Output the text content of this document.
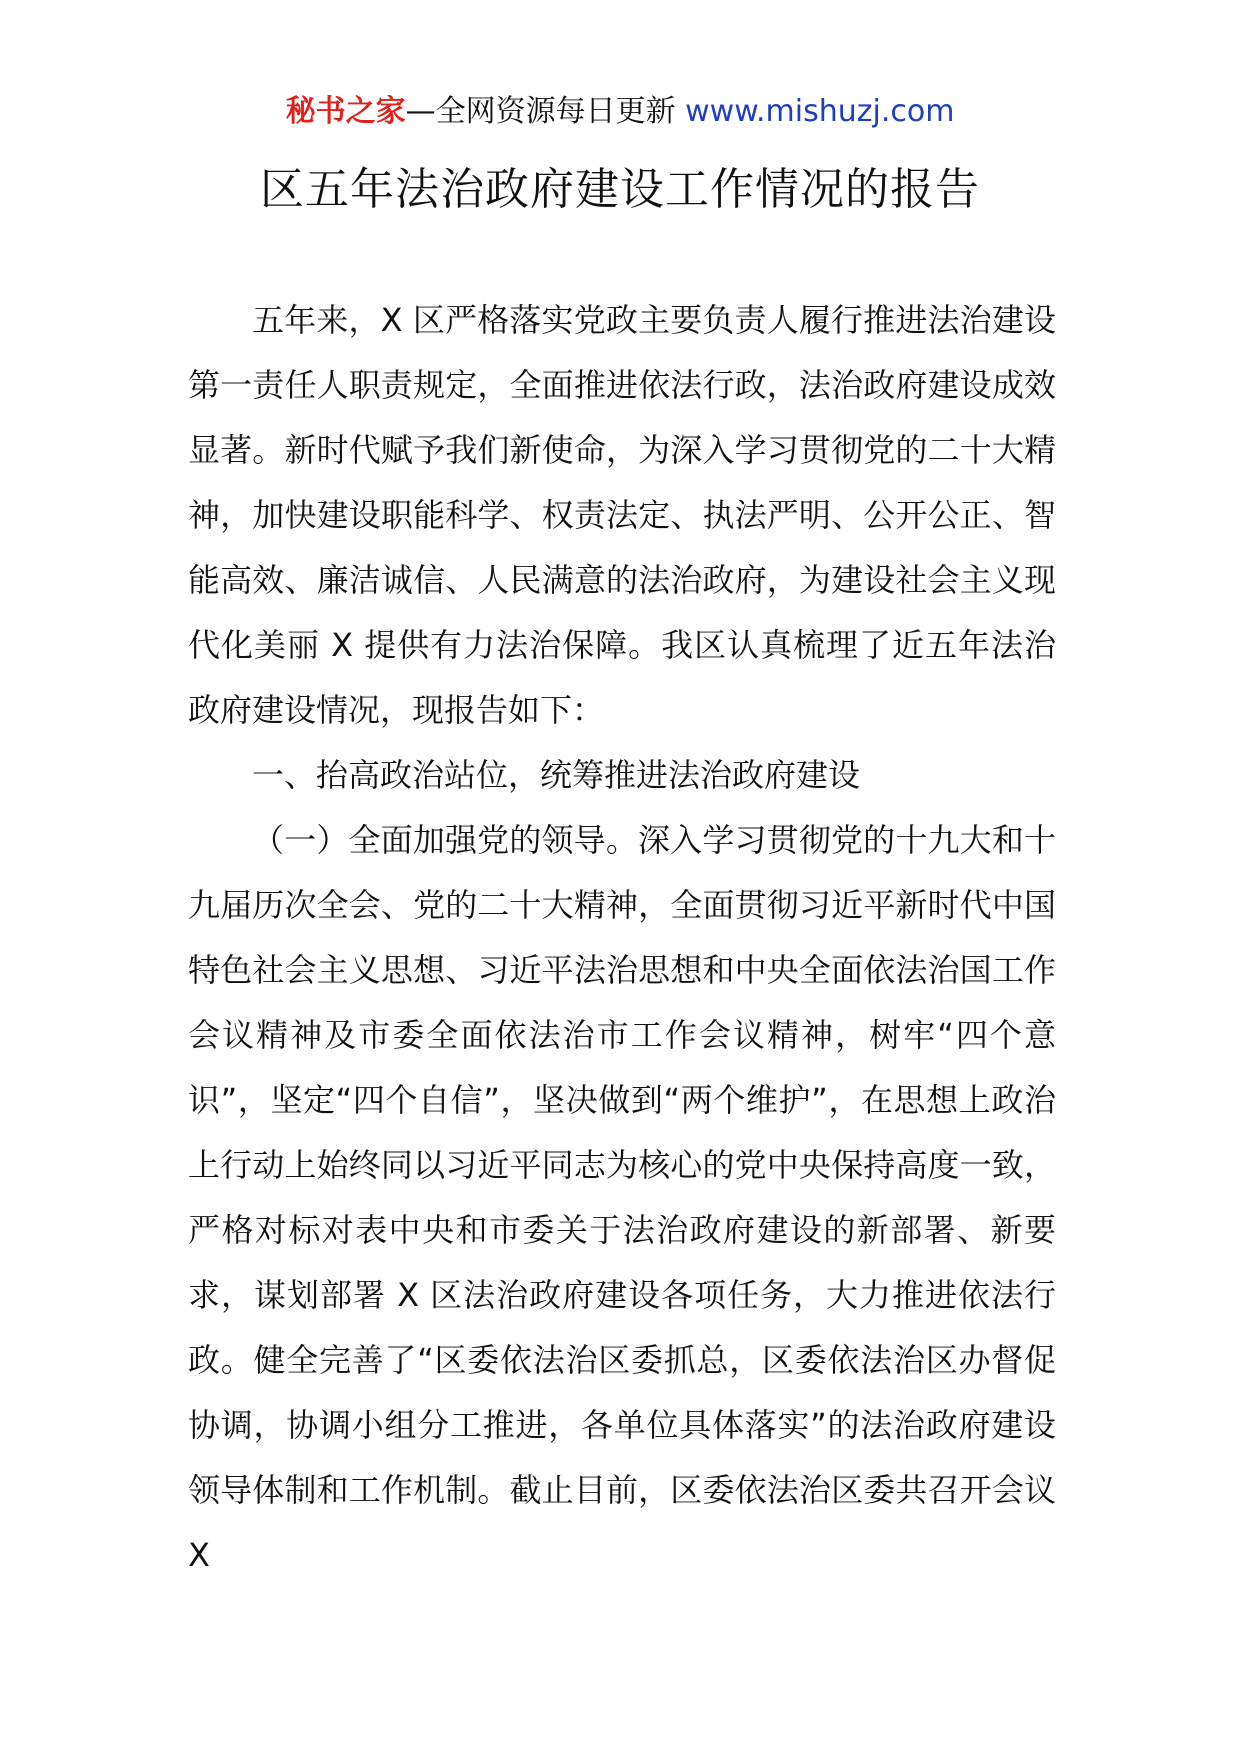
秘书之家—全网资源每日更新 www.mishuzj.com
区五年法治政府建设工作情况的报告

五年来，X 区严格落实党政主要负责人履行推进法治建设第一责任人职责规定，全面推进依法行政，法治政府建设成效显著。新时代赋予我们新使命，为深入学习贯彻党的二十大精神，加快建设职能科学、权责法定、执法严明、公开公正、智能高效、廉洁诚信、人民满意的法治政府，为建设社会主义现代化美丽 X 提供有力法治保障。我区认真梳理了近五年法治政府建设情况，现报告如下：

一、抬高政治站位，统筹推进法治政府建设

（一）全面加强党的领导。深入学习贯彻党的十九大和十九届历次全会、党的二十大精神，全面贯彻习近平新时代中国特色社会主义思想、习近平法治思想和中央全面依法治国工作会议精神及市委全面依法治市工作会议精神，树牢“四个意识”，坚定“四个自信”，坚决做到“两个维护”，在思想上政治上行动上始终同以习近平同志为核心的党中央保持高度一致，严格对标对表中央和市委关于法治政府建设的新部署、新要求，谋划部署 X 区法治政府建设各项任务，大力推进依法行政。健全完善了“区委依法治区委抓总，区委依法治区办督促协调，协调小组分工推进，各单位具体落实”的法治政府建设领导体制和工作机制。截止目前，区委依法治区委共召开会议 X
